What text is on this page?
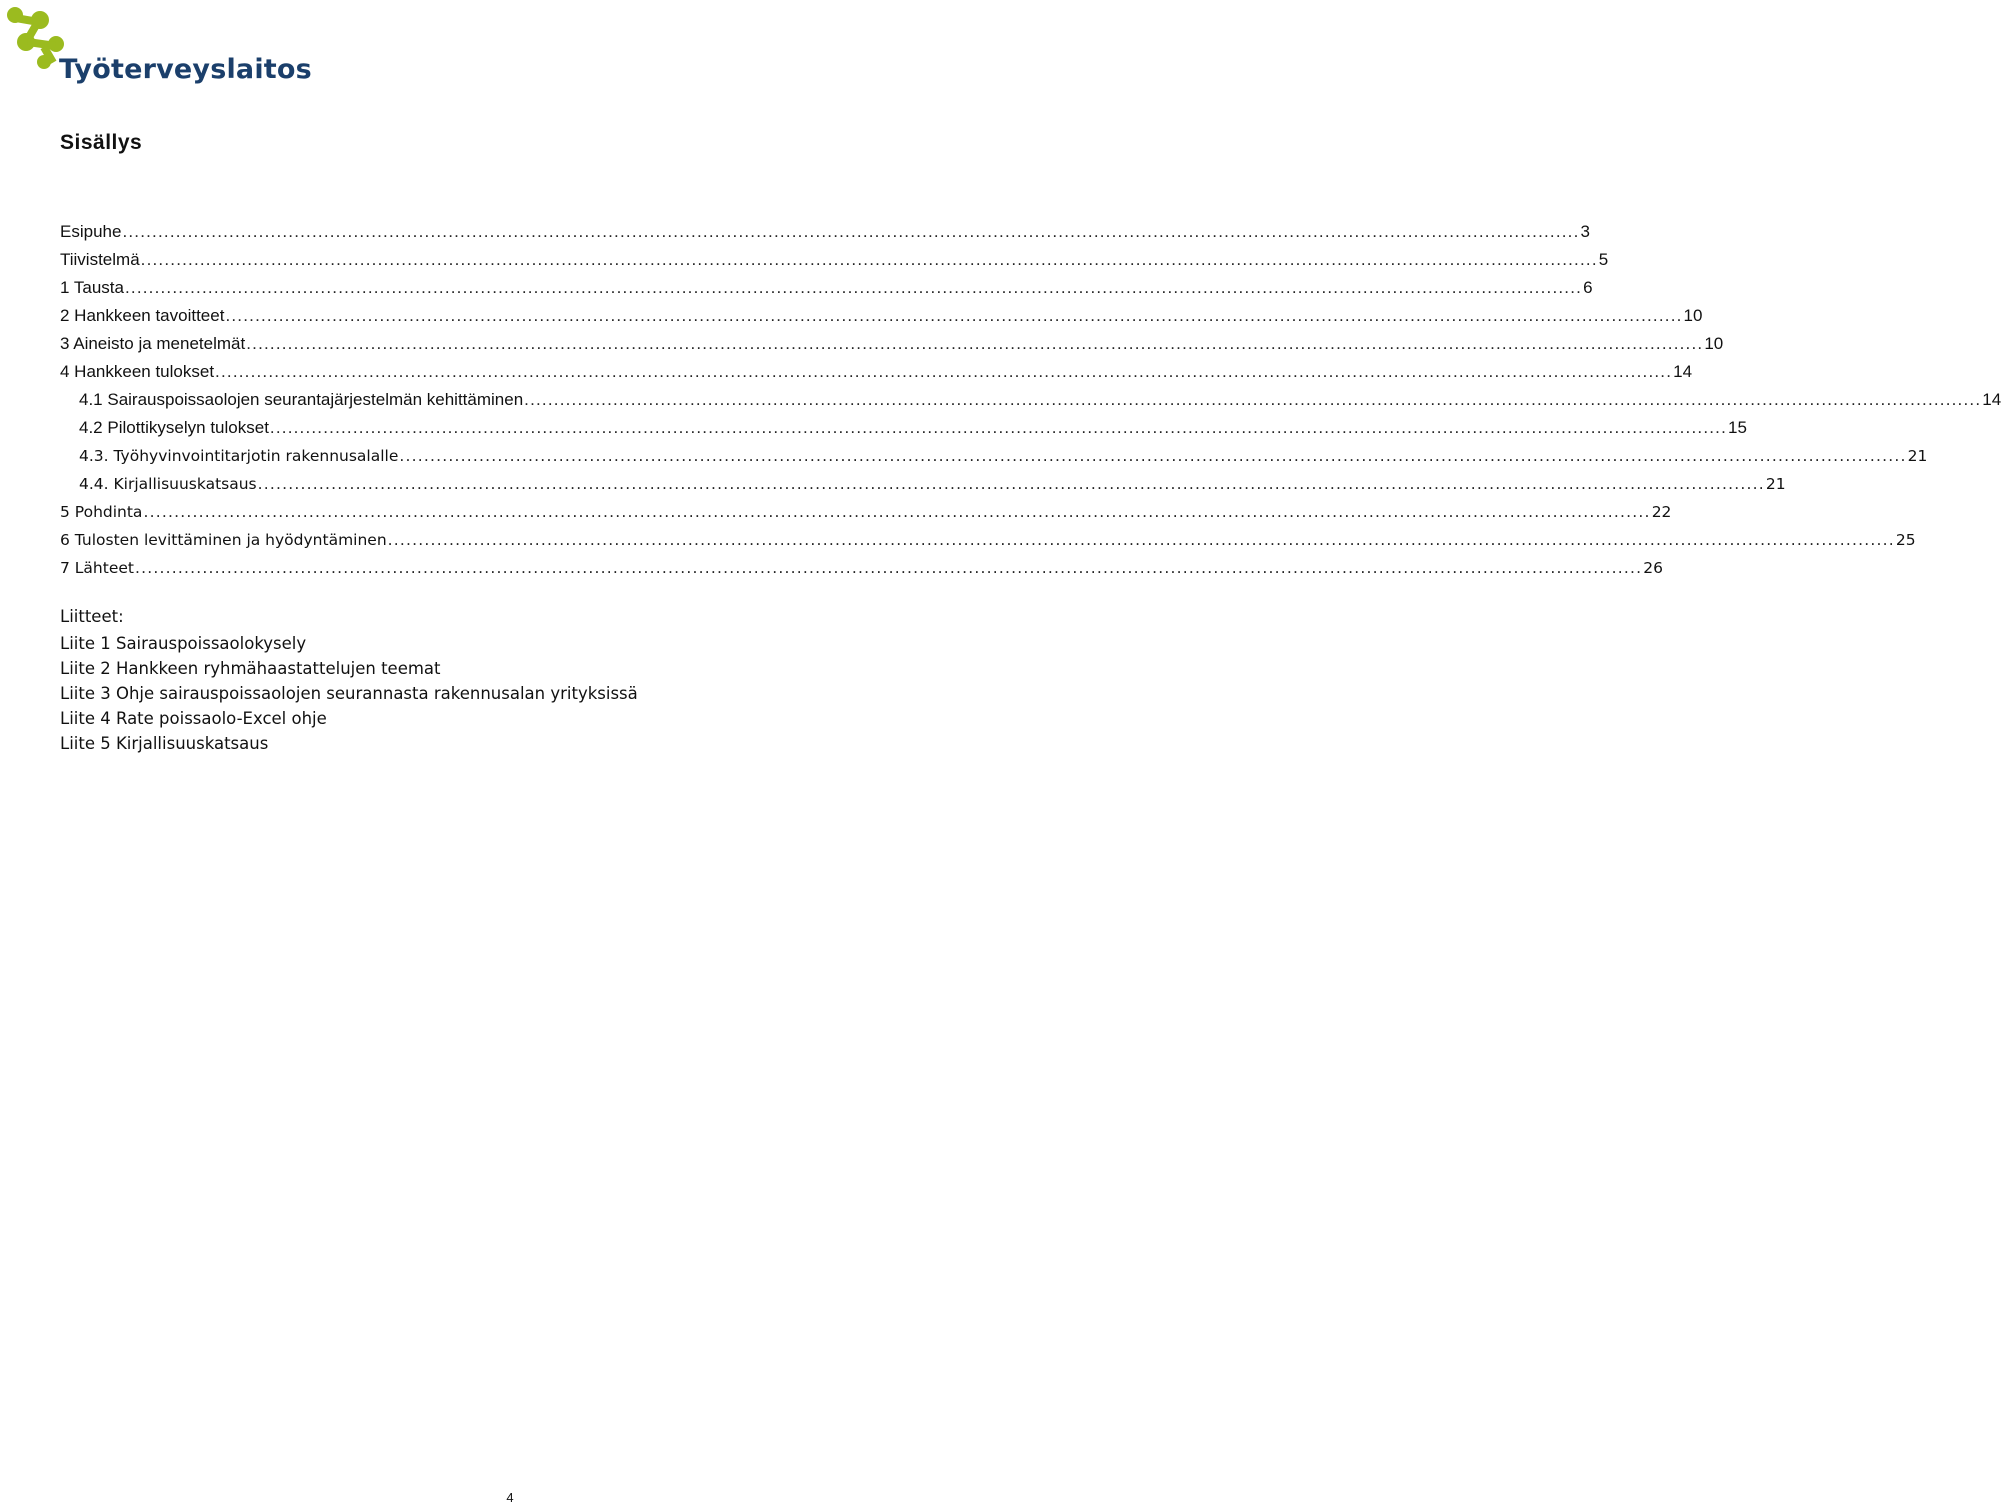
Työterveyslaitos
Sisällys
Esipuhe .....	3
Tiivistelmä .....	5
1 Tausta .....	6
2 Hankkeen tavoitteet .....	10
3 Aineisto ja menetelmät .....	10
4 Hankkeen tulokset .....	14
4.1 Sairauspoissaolojen seurantajärjestelmän kehittäminen .....	14
4.2 Pilottikyselyn tulokset .....	15
4.3. Työhyvinvointitarjotin rakennusalalle .....	21
4.4. Kirjallisuuskatsaus .....	21
5 Pohdinta .....	22
6 Tulosten levittäminen ja hyödyntäminen .....	25
7 Lähteet .....	26
Liitteet:
Liite 1 Sairauspoissaolokysely
Liite 2 Hankkeen ryhmähaastattelujen teemat
Liite 3 Ohje sairauspoissaolojen seurannasta rakennusalan yrityksissä
Liite 4 Rate poissaolo-Excel ohje
Liite 5 Kirjallisuuskatsaus
4
